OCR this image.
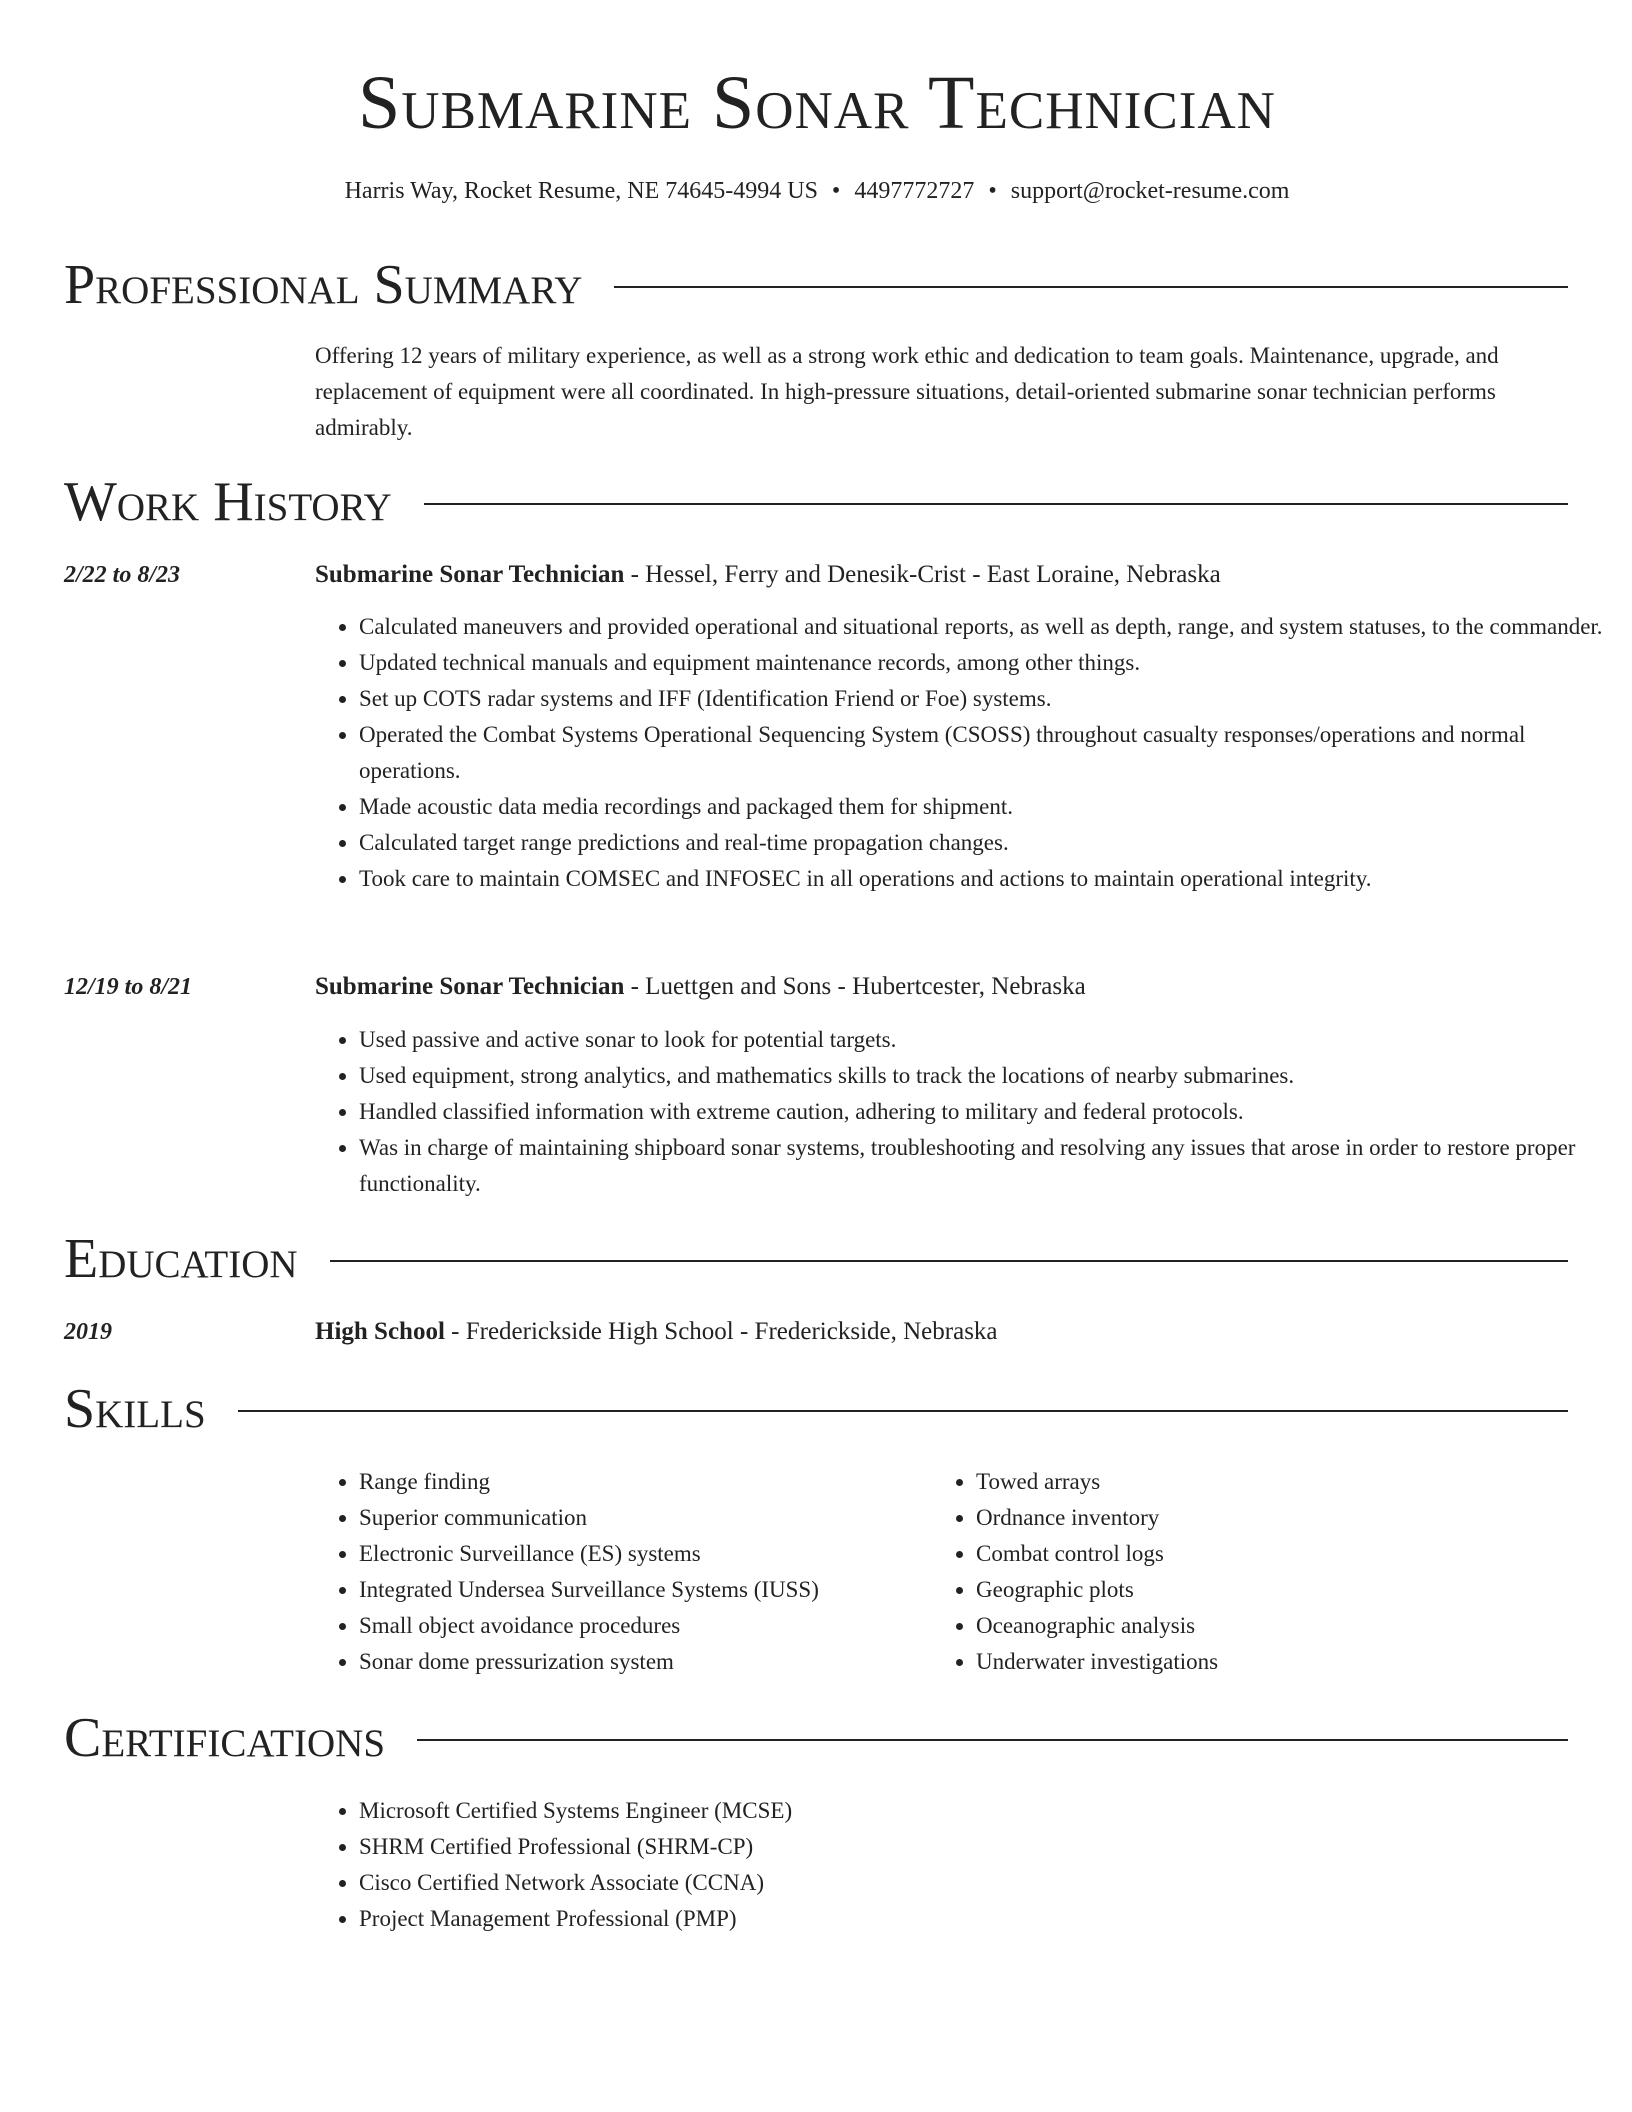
Submarine Sonar Technician
Harris Way, Rocket Resume, NE 74645-4994 US • 4497772727 • support@rocket-resume.com
Professional Summary
Offering 12 years of military experience, as well as a strong work ethic and dedication to team goals. Maintenance, upgrade, and replacement of equipment were all coordinated. In high-pressure situations, detail-oriented submarine sonar technician performs admirably.
Work History
2/22 to 8/23	Submarine Sonar Technician - Hessel, Ferry and Denesik-Crist - East Loraine, Nebraska
• Calculated maneuvers and provided operational and situational reports, as well as depth, range, and system statuses, to the commander.
• Updated technical manuals and equipment maintenance records, among other things.
• Set up COTS radar systems and IFF (Identification Friend or Foe) systems.
• Operated the Combat Systems Operational Sequencing System (CSOSS) throughout casualty responses/operations and normal operations.
• Made acoustic data media recordings and packaged them for shipment.
• Calculated target range predictions and real-time propagation changes.
• Took care to maintain COMSEC and INFOSEC in all operations and actions to maintain operational integrity.
12/19 to 8/21	Submarine Sonar Technician - Luettgen and Sons - Hubertcester, Nebraska
• Used passive and active sonar to look for potential targets.
• Used equipment, strong analytics, and mathematics skills to track the locations of nearby submarines.
• Handled classified information with extreme caution, adhering to military and federal protocols.
• Was in charge of maintaining shipboard sonar systems, troubleshooting and resolving any issues that arose in order to restore proper functionality.
Education
2019	High School - Frederickside High School - Frederickside, Nebraska
Skills
• Range finding
• Superior communication
• Electronic Surveillance (ES) systems
• Integrated Undersea Surveillance Systems (IUSS)
• Small object avoidance procedures
• Sonar dome pressurization system
• Towed arrays
• Ordnance inventory
• Combat control logs
• Geographic plots
• Oceanographic analysis
• Underwater investigations
Certifications
• Microsoft Certified Systems Engineer (MCSE)
• SHRM Certified Professional (SHRM-CP)
• Cisco Certified Network Associate (CCNA)
• Project Management Professional (PMP)
